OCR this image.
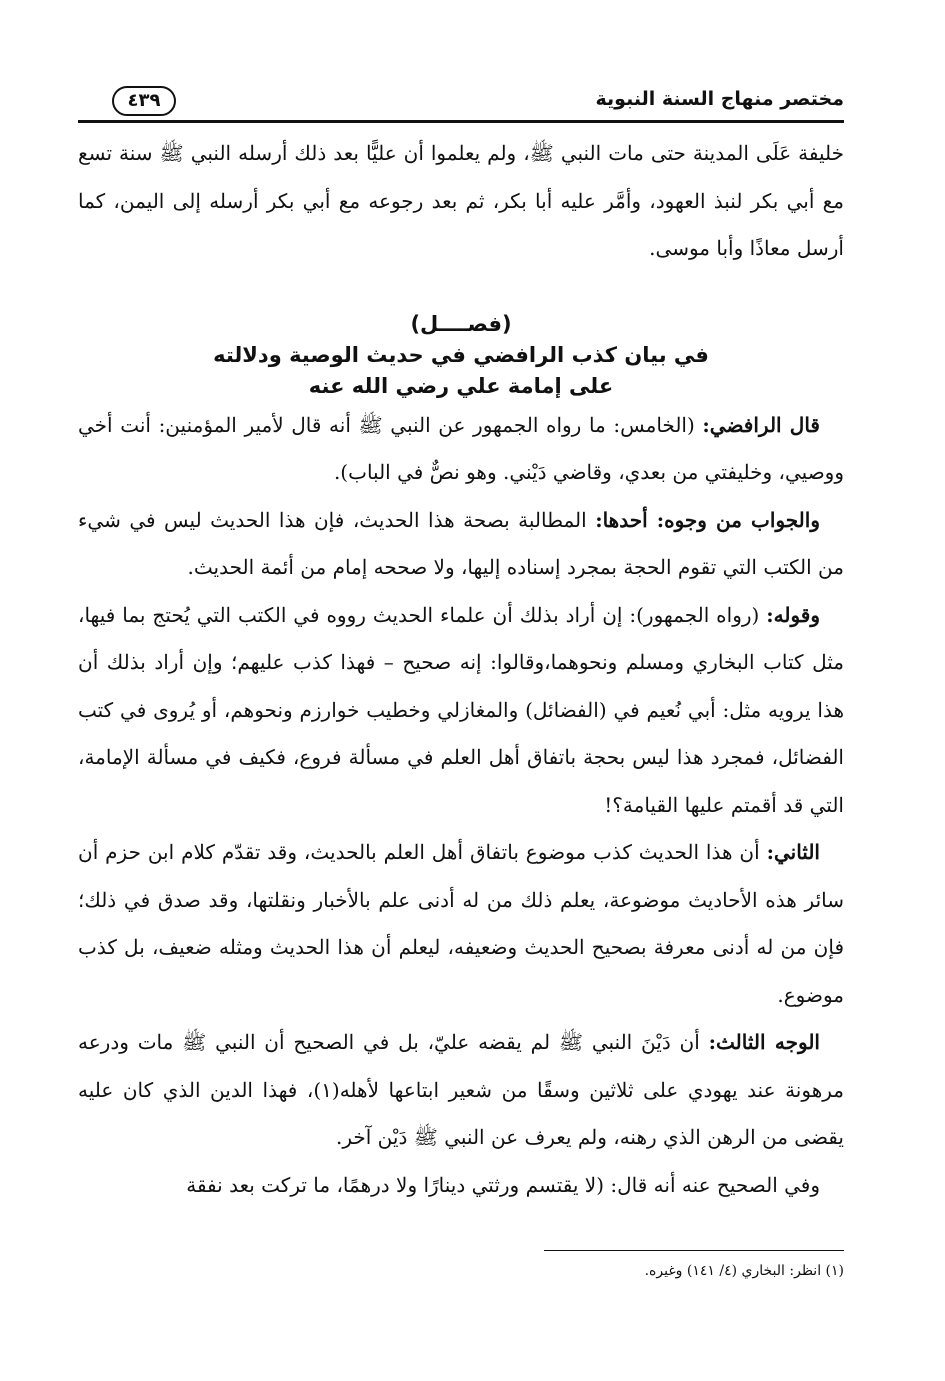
مختصر منهاج السنة النبوية
٤٣٩

خليفة عَلَى المدينة حتى مات النبي ﷺ، ولم يعلموا أن عليًّا بعد ذلك أرسله النبي ﷺ سنة تسع مع أبي بكر لنبذ العهود، وأمَّر عليه أبا بكر، ثم بعد رجوعه مع أبي بكر أرسله إلى اليمن، كما أرسل معاذًا وأبا موسى.

(فصــــل)
في بيان كذب الرافضي في حديث الوصية ودلالته
على إمامة علي رضي الله عنه

قال الرافضي: (الخامس: ما رواه الجمهور عن النبي ﷺ أنه قال لأمير المؤمنين: أنت أخي ووصيي، وخليفتي من بعدي، وقاضي دَيْني. وهو نصٌّ في الباب).

والجواب من وجوه: أحدها: المطالبة بصحة هذا الحديث، فإن هذا الحديث ليس في شيء من الكتب التي تقوم الحجة بمجرد إسناده إليها، ولا صححه إمام من أئمة الحديث.

وقوله: (رواه الجمهور): إن أراد بذلك أن علماء الحديث رووه في الكتب التي يُحتج بما فيها، مثل كتاب البخاري ومسلم ونحوهما،وقالوا: إنه صحيح – فهذا كذب عليهم؛ وإن أراد بذلك أن هذا يرويه مثل: أبي نُعيم في (الفضائل) والمغازلي وخطيب خوارزم ونحوهم، أو يُروى في كتب الفضائل، فمجرد هذا ليس بحجة باتفاق أهل العلم في مسألة فروع، فكيف في مسألة الإمامة، التي قد أقمتم عليها القيامة؟!

الثاني: أن هذا الحديث كذب موضوع باتفاق أهل العلم بالحديث، وقد تقدّم كلام ابن حزم أن سائر هذه الأحاديث موضوعة، يعلم ذلك من له أدنى علم بالأخبار ونقلتها، وقد صدق في ذلك؛ فإن من له أدنى معرفة بصحيح الحديث وضعيفه، ليعلم أن هذا الحديث ومثله ضعيف، بل كذب موضوع.

الوجه الثالث: أن دَيْنَ النبي ﷺ لم يقضه عليّ، بل في الصحيح أن النبي ﷺ مات ودرعه مرهونة عند يهودي على ثلاثين وسقًا من شعير ابتاعها لأهله(١)، فهذا الدين الذي كان عليه يقضى من الرهن الذي رهنه، ولم يعرف عن النبي ﷺ دَيْن آخر.

وفي الصحيح عنه أنه قال: (لا يقتسم ورثتي دينارًا ولا درهمًا، ما تركت بعد نفقة

(١) انظر: البخاري (٤/ ١٤١) وغيره.
